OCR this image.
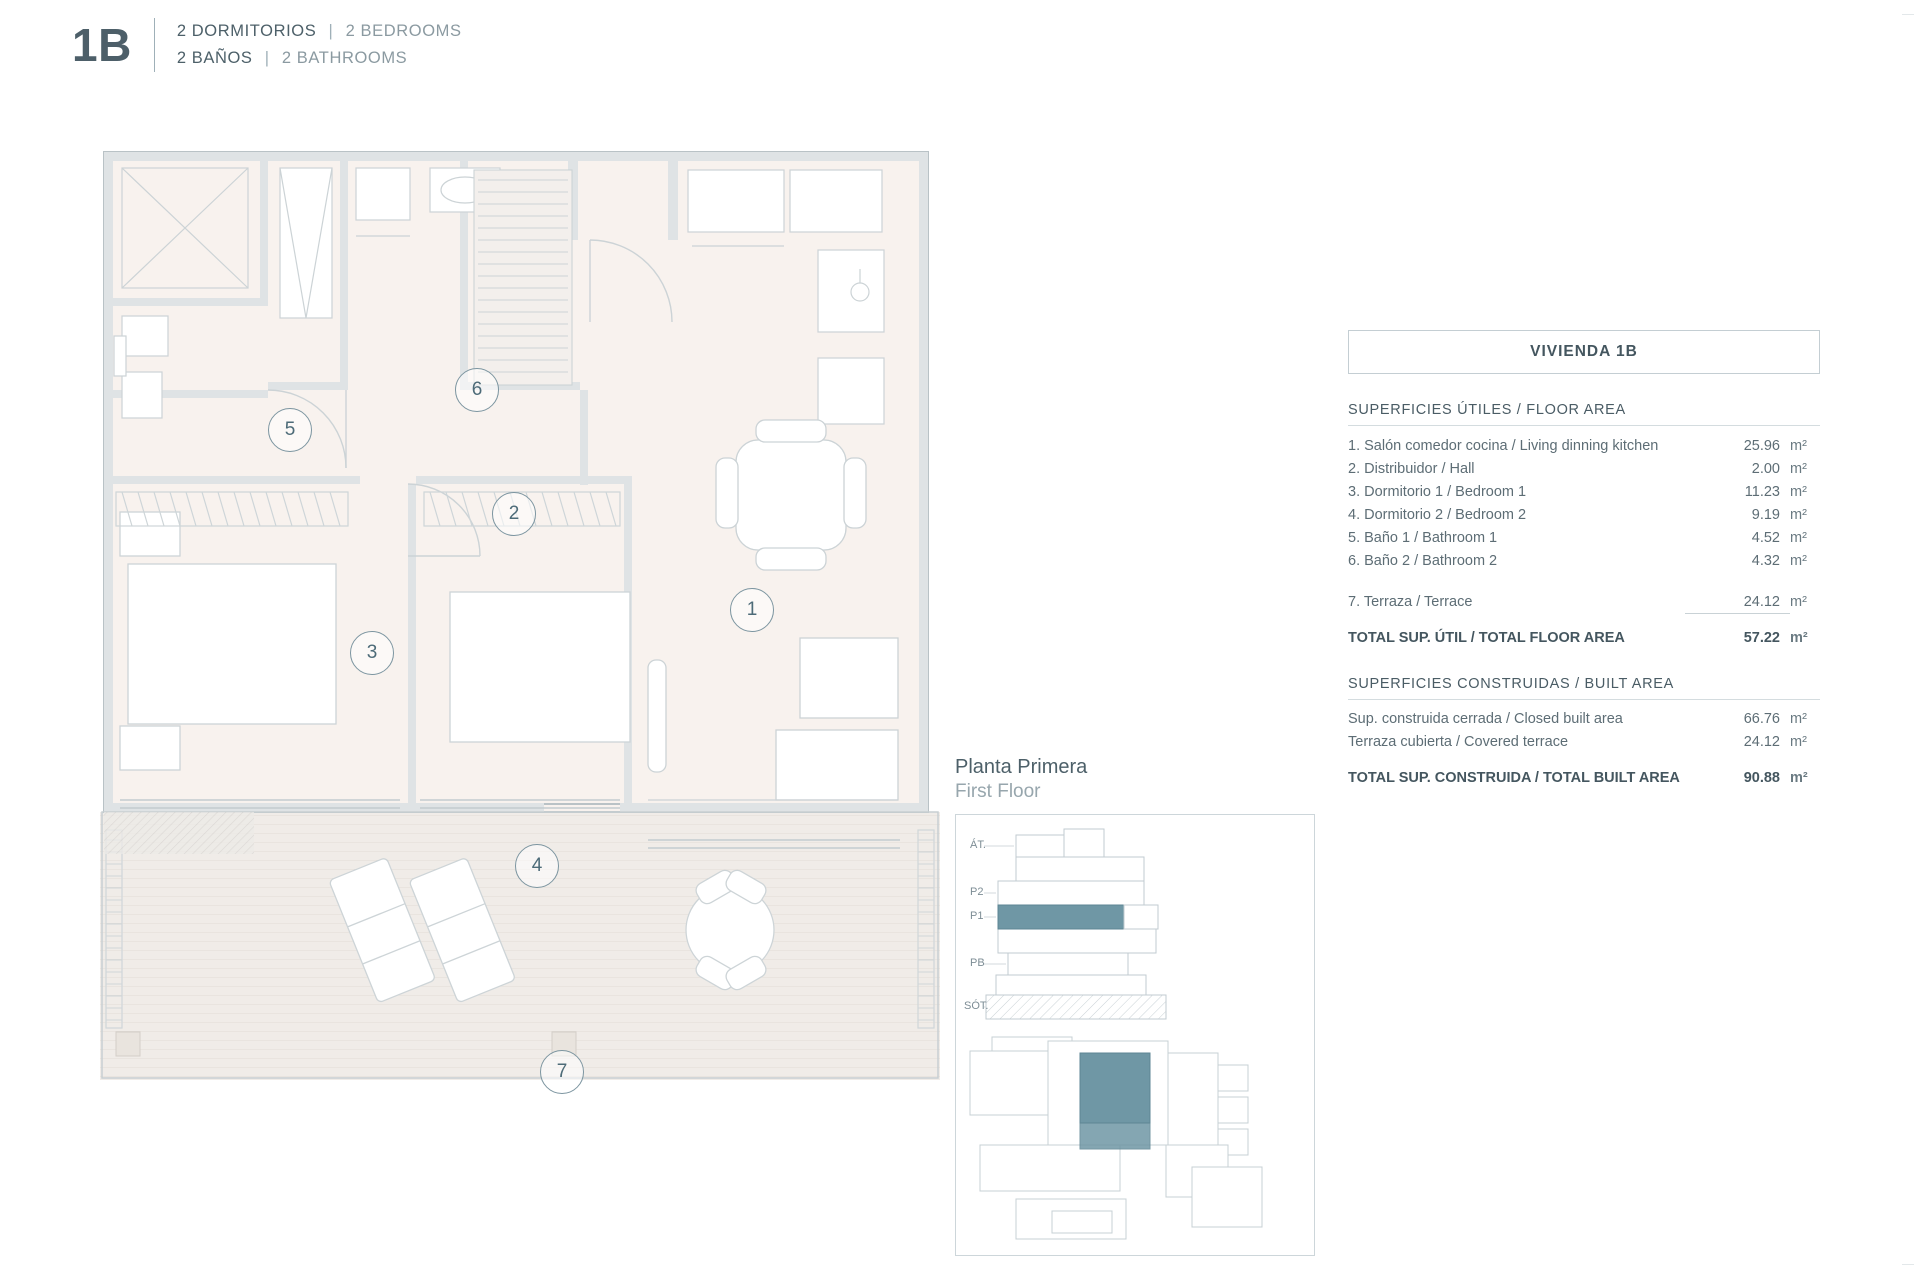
1B	2 DORMITORIOS | 2 BEDROOMS
2 BAÑOS | 2 BATHROOMS
1
2
3
4
5
6
7
Planta Primera
First Floor
ÁT.
P2
P1
PB
SÓT.
VIVIENDA 1B
SUPERFICIES ÚTILES / FLOOR AREA
1. Salón comedor cocina / Living dinning kitchen	25.96 m²
2. Distribuidor / Hall	2.00 m²
3. Dormitorio 1 / Bedroom 1	11.23 m²
4. Dormitorio 2 / Bedroom 2	9.19 m²
5. Baño 1 / Bathroom 1	4.52 m²
6. Baño 2 / Bathroom 2	4.32 m²
7. Terraza / Terrace	24.12 m²
TOTAL SUP. ÚTIL / TOTAL FLOOR AREA	57.22 m²
SUPERFICIES CONSTRUIDAS / BUILT AREA
Sup. construida cerrada / Closed built area	66.76 m²
Terraza cubierta / Covered terrace	24.12 m²
TOTAL SUP. CONSTRUIDA / TOTAL BUILT AREA	90.88 m²
